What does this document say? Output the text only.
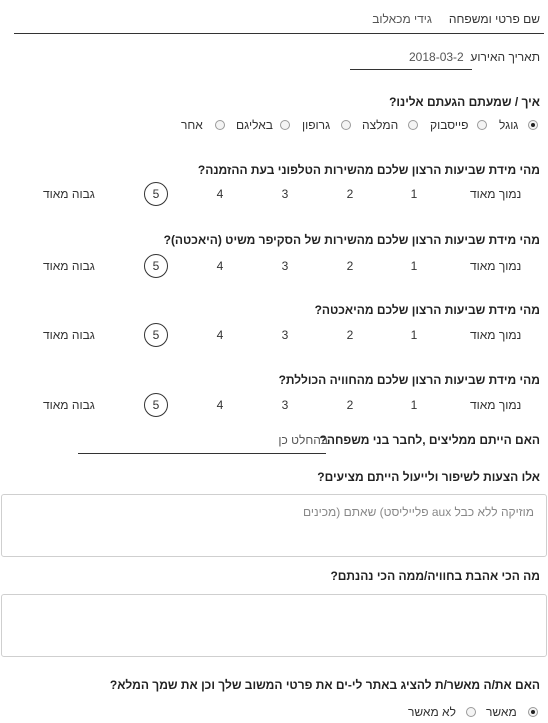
שם פרטי ומשפחה
גידי מכאלוב
תאריך האירוע
2018-03-2
איך / שמעתם הגעתם אלינו?
גוגל
פייסבוק
המלצה
גרופון
באליגם
אחר
מהי מידת שביעות הרצון שלכם מהשירות הטלפוני בעת ההזמנה?
נמוך מאוד
1
2
3
4
5
גבוה מאוד
מהי מידת שביעות הרצון שלכם מהשירות של הסקיפר משיט (היאכטה)?
נמוך מאוד
1
2
3
4
5
גבוה מאוד
מהי מידת שביעות הרצון שלכם מהיאכטה?
נמוך מאוד
1
2
3
4
5
גבוה מאוד
מהי מידת שביעות הרצון שלכם מהחוויה הכוללת?
נמוך מאוד
1
2
3
4
5
גבוה מאוד
האם הייתם ממליצים ,לחבר בני משפחה?
בהחלט כן
אלו הצעות לשיפור ולייעול הייתם מציעים?
מוזיקה ללא כבל aux פלייליסט) שאתם (מכינים
מה הכי אהבת בחוויה/ממה הכי נהנתם?
האם את/ה מאשר/ת להציג באתר לי-ים את פרטי המשוב שלך וכן את שמך המלא?
מאשר
לא מאשר
